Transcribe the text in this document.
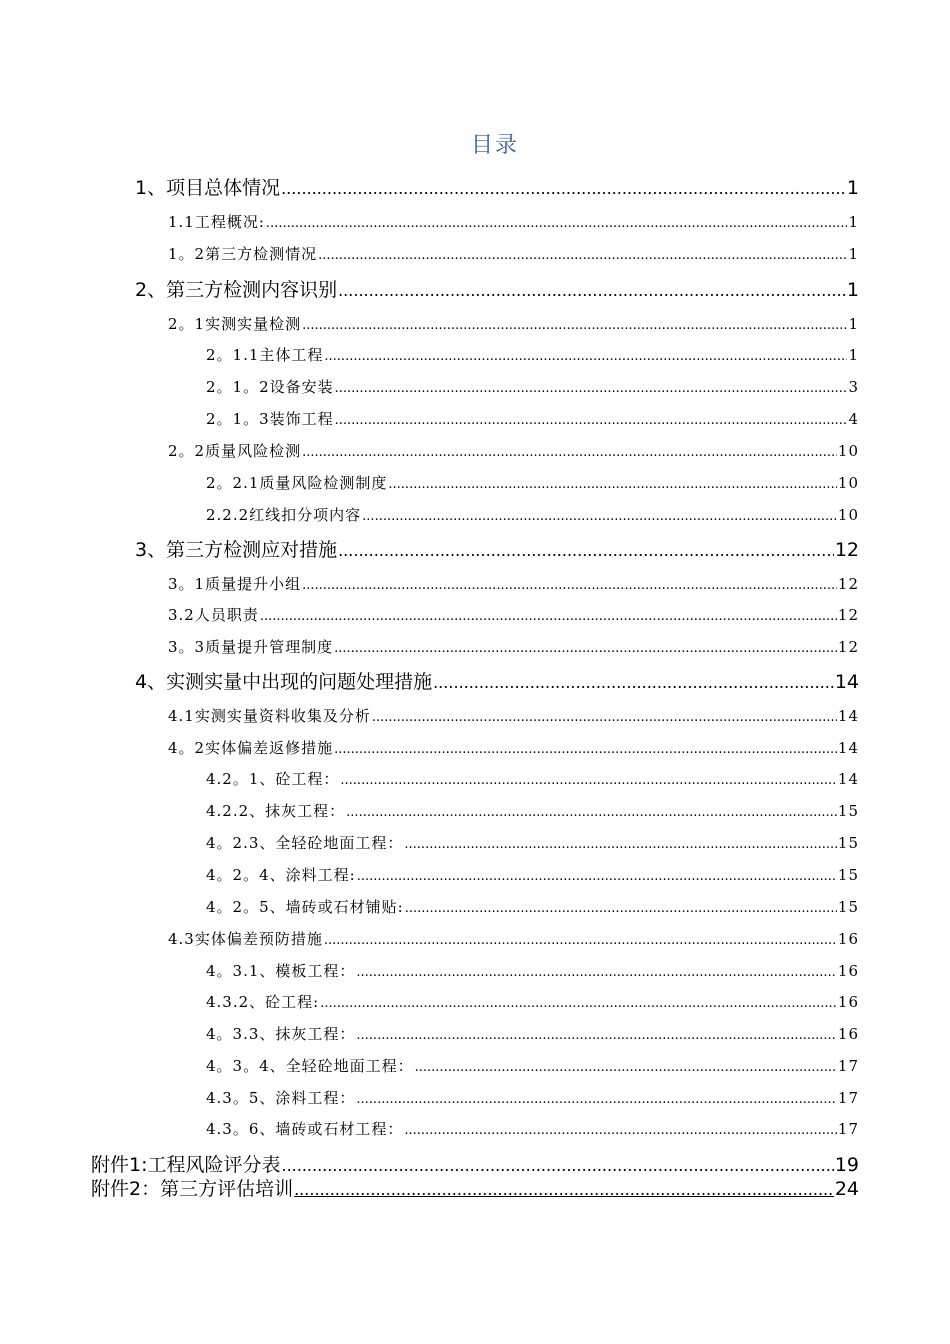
目录
1、项目总体情况 .....	1
1.1工程概况: .....	1
1。2第三方检测情况 .....	1
2、第三方检测内容识别 .....	1
2。1实测实量检测 .....	1
2。1.1主体工程 .....	1
2。1。2设备安装 .....	3
2。1。3装饰工程 .....	4
2。2质量风险检测 .....	10
2。2.1质量风险检测制度 .....	10
2.2.2红线扣分项内容 .....	10
3、第三方检测应对措施 .....	12
3。1质量提升小组 .....	12
3.2人员职责 .....	12
3。3质量提升管理制度 .....	12
4、实测实量中出现的问题处理措施 .....	14
4.1实测实量资料收集及分析 .....	14
4。2实体偏差返修措施 .....	14
4.2。1、砼工程： .....	14
4.2.2、抹灰工程： .....	15
4。2.3、全轻砼地面工程： .....	15
4。2。4、涂料工程: .....	15
4。2。5、墙砖或石材铺贴: .....	15
4.3实体偏差预防措施 .....	16
4。3.1、模板工程： .....	16
4.3.2、砼工程: .....	16
4。3.3、抹灰工程： .....	16
4。3。4、全轻砼地面工程： .....	17
4.3。5、涂料工程： .....	17
4.3。6、墙砖或石材工程： .....	17
附件1:工程风险评分表 .....	19
附件2：第三方评估培训 .....	24
